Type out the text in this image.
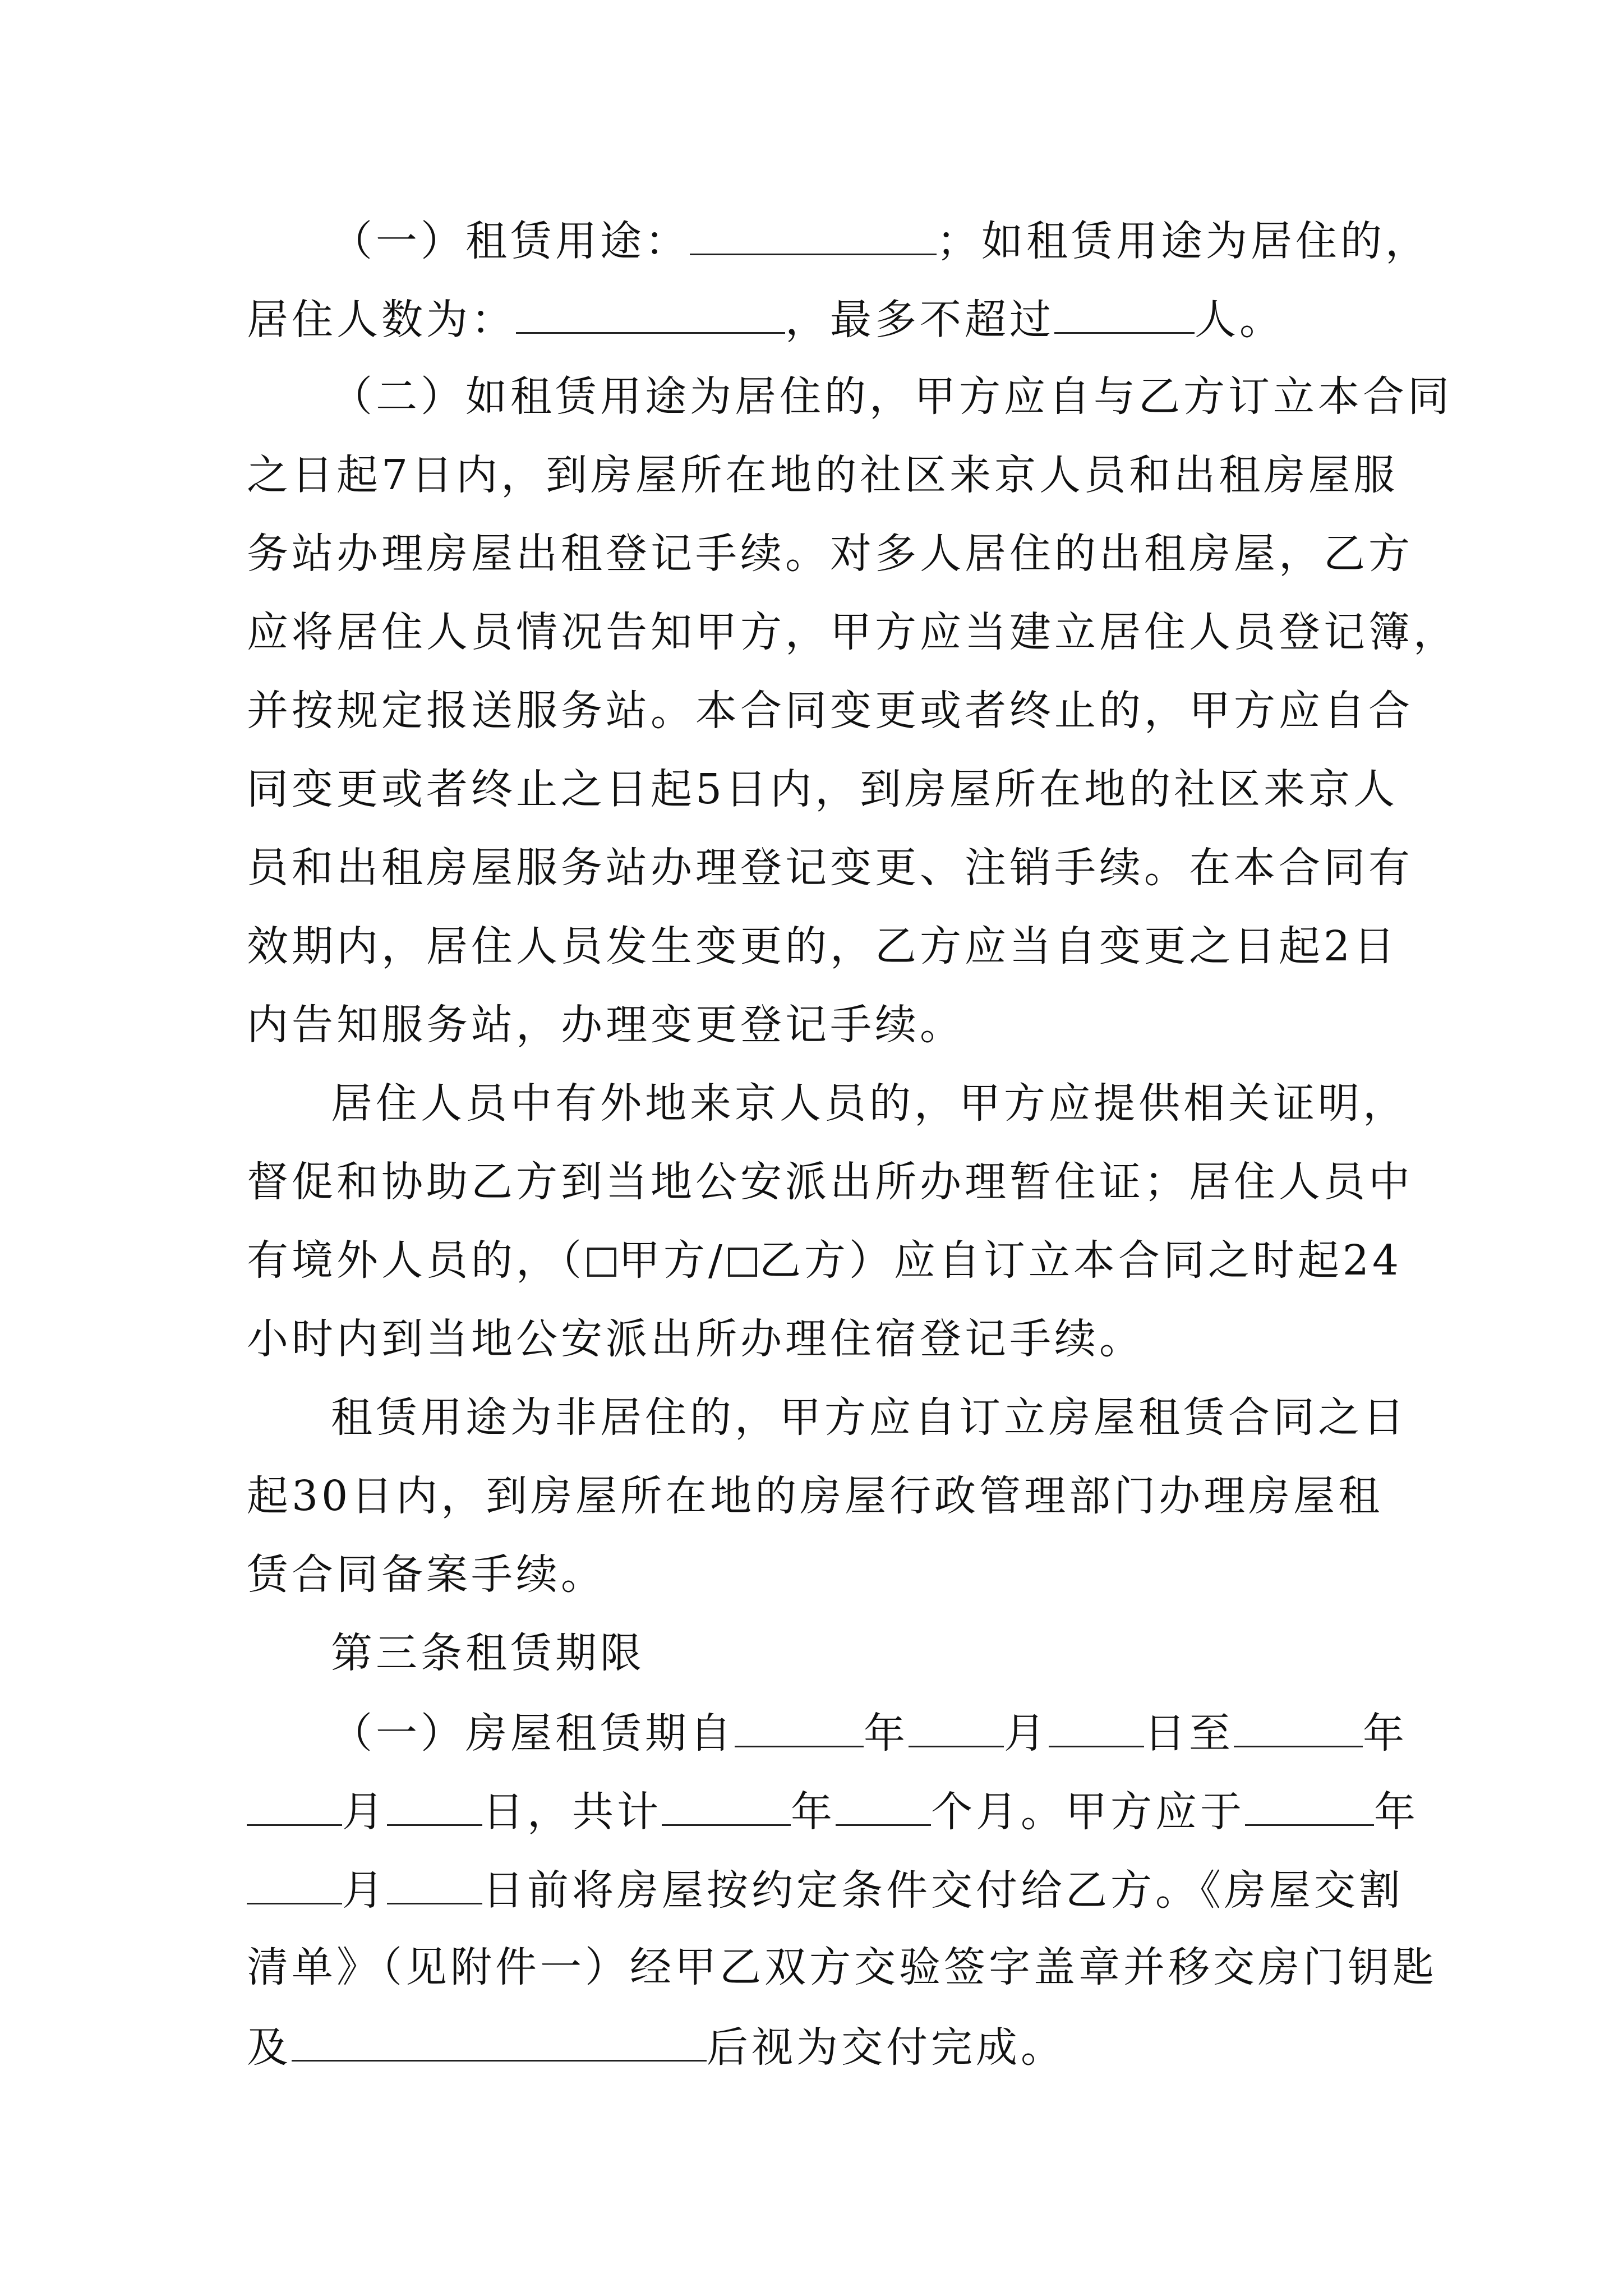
（一）租赁用途：	；如租赁用途为居住的，
居住人数为：	，最多不超过	人。
（二）如租赁用途为居住的，甲方应自与乙方订立本合同
之日起7日内，到房屋所在地的社区来京人员和出租房屋服
务站办理房屋出租登记手续。对多人居住的出租房屋，乙方
应将居住人员情况告知甲方，甲方应当建立居住人员登记簿，
并按规定报送服务站。本合同变更或者终止的，甲方应自合
同变更或者终止之日起5日内，到房屋所在地的社区来京人
员和出租房屋服务站办理登记变更、注销手续。在本合同有
效期内，居住人员发生变更的，乙方应当自变更之日起2日
内告知服务站，办理变更登记手续。
居住人员中有外地来京人员的，甲方应提供相关证明，
督促和协助乙方到当地公安派出所办理暂住证；居住人员中
有境外人员的，（ 甲方/ 乙方）应自订立本合同之时起24
小时内到当地公安派出所办理住宿登记手续。
租赁用途为非居住的，甲方应自订立房屋租赁合同之日
起30日内，到房屋所在地的房屋行政管理部门办理房屋租
赁合同备案手续。
第三条租赁期限
（一）房屋租赁期自	年 月 日至	年
月 日，共计	年 个月。甲方应于	年
月 日前将房屋按约定条件交付给乙方。《房屋交割
清单》（见附件一）经甲乙双方交验签字盖章并移交房门钥匙
及	后视为交付完成。
